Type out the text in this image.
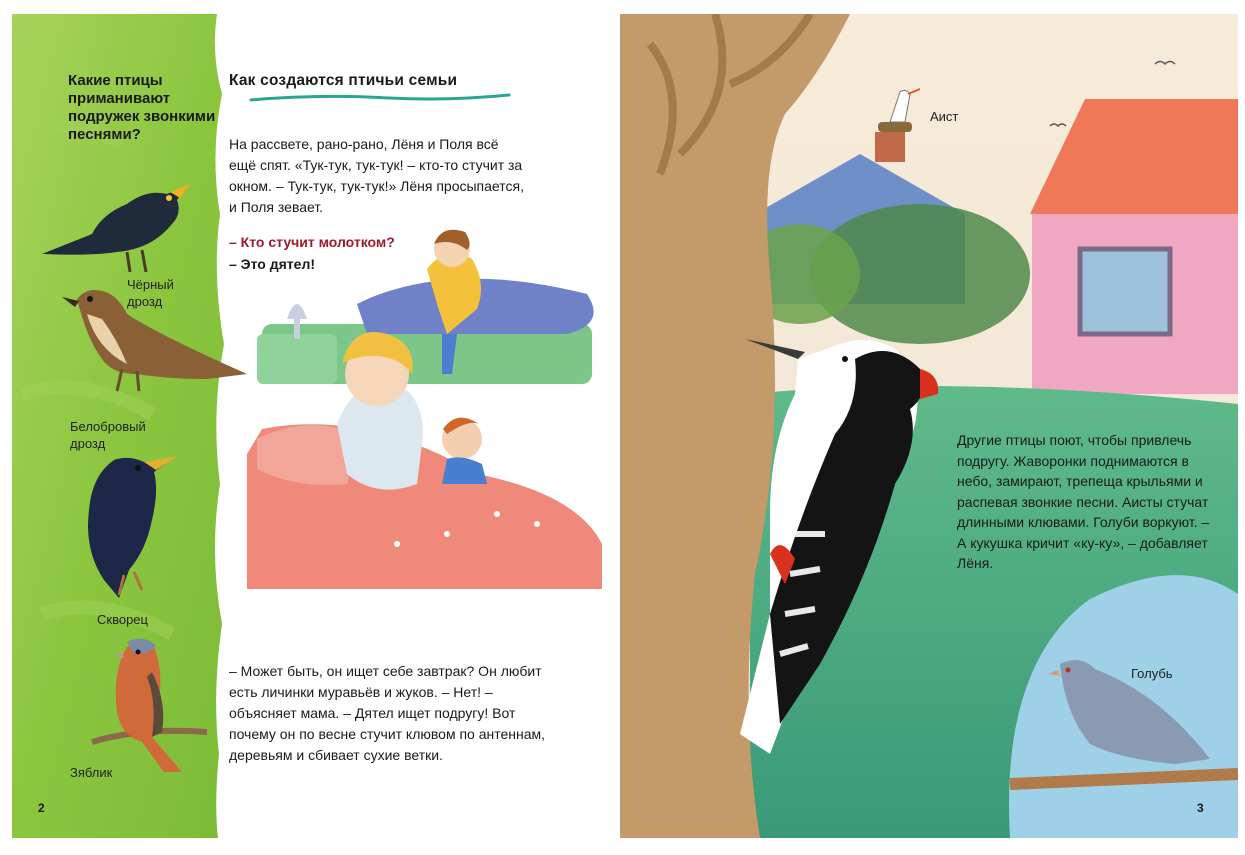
Какие птицы приманивают подружек звонкими песнями?
Чёрный дрозд
Белобровый дрозд
Скворец
Зяблик
2
Как создаются птичьи семьи
На рассвете, рано-рано, Лёня и Поля всё ещё спят. «Тук-тук, тук-тук! – кто-то стучит за окном. – Тук-тук, тук-тук!» Лёня просыпается, и Поля зевает.
– Кто стучит молотком?
– Это дятел!
– Может быть, он ищет себе завтрак? Он любит есть личинки муравьёв и жуков. – Нет! – объясняет мама. – Дятел ищет подругу! Вот почему он по весне стучит клювом по антеннам, деревьям и сбивает сухие ветки.
Аист
Другие птицы поют, чтобы привлечь подругу. Жаворонки поднимаются в небо, замирают, трепеща крыльями и распевая звонкие песни. Аисты стучат длинными клювами. Голуби воркуют. – А кукушка кричит «ку-ку», – добавляет Лёня.
Голубь
3
